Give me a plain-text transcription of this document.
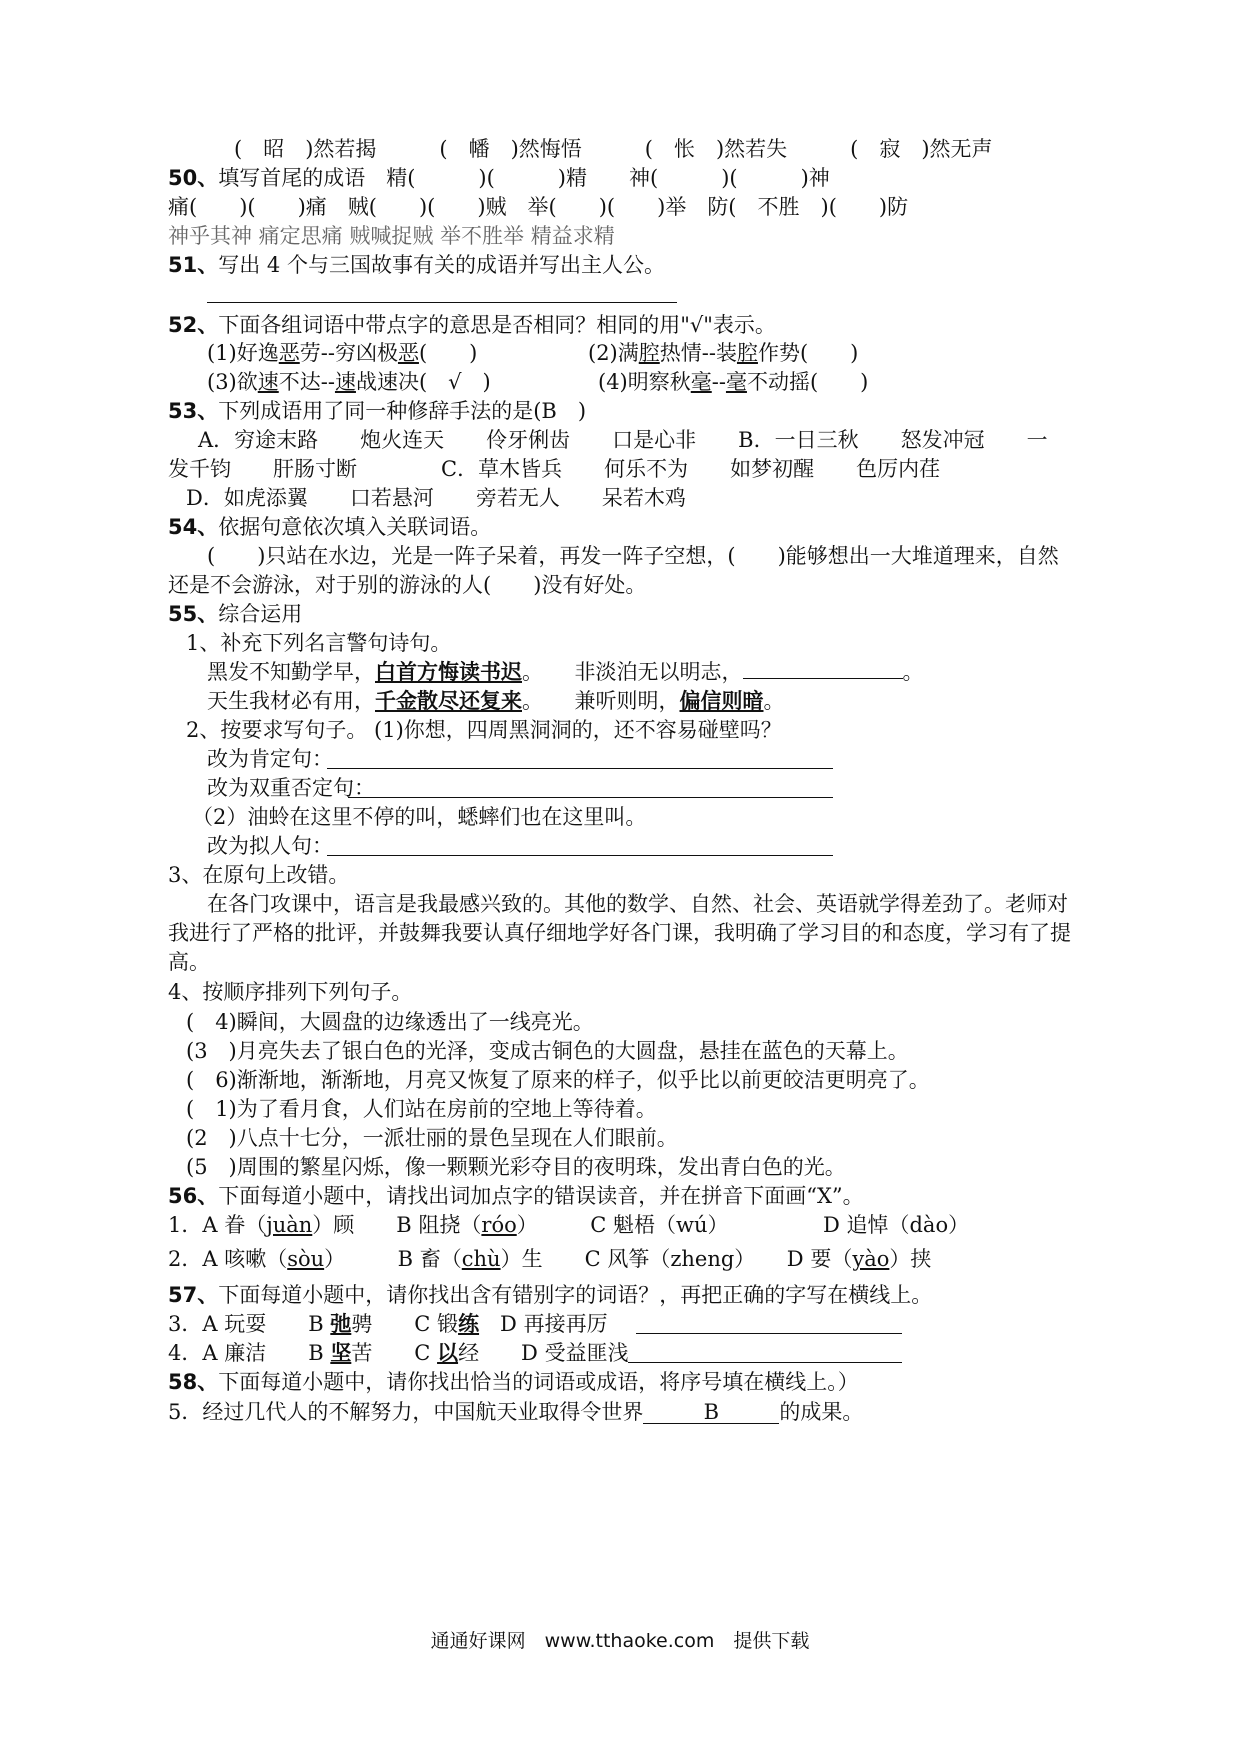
(　昭　)然若揭　　　(　幡　)然悔悟　　　(　怅　)然若失　　　(　寂　)然无声
50、填写首尾的成语　精(　　　)(　　　)精　　神(　　　)(　　　)神
痛(　　)(　　)痛　贼(　　)(　　)贼　举(　　)(　　)举　防(　不胜　)(　　)防
神乎其神 痛定思痛 贼喊捉贼 举不胜举 精益求精
51、写出 4 个与三国故事有关的成语并写出主人公。
52、下面各组词语中带点字的意思是否相同？相同的用"√"表示。
(1)好逸恶劳--穷凶极恶(　　)	(2)满腔热情--装腔作势(　　)
(3)欲速不达--速战速决(　√　)	(4)明察秋毫--毫不动摇(　　)
53、下列成语用了同一种修辞手法的是(B　)
A．穷途末路　　炮火连天　　伶牙俐齿　　口是心非　　B．一日三秋　　怒发冲冠　　一
发千钧　　肝肠寸断　　　　C．草木皆兵　　何乐不为　　如梦初醒　　色厉内荏
D．如虎添翼　　口若悬河　　旁若无人　　呆若木鸡
54、依据句意依次填入关联词语。
(　　)只站在水边，光是一阵子呆着，再发一阵子空想，(　　)能够想出一大堆道理来，自然
还是不会游泳，对于别的游泳的人(　　)没有好处。
55、综合运用
1、补充下列名言警句诗句。
黑发不知勤学早，白首方悔读书迟。　　非淡泊无以明志，	。
天生我材必有用，千金散尽还复来。　　兼听则明，偏信则暗。
2、按要求写句子。 (1)你想，四周黑洞洞的，还不容易碰壁吗？
改为肯定句：
改为双重否定句：
（2）油蛉在这里不停的叫，蟋蟀们也在这里叫。
改为拟人句：
3、在原句上改错。
在各门攻课中，语言是我最感兴致的。其他的数学、自然、社会、英语就学得差劲了。老师对
我进行了严格的批评，并鼓舞我要认真仔细地学好各门课，我明确了学习目的和态度，学习有了提
高。
4、按顺序排列下列句子。
(　4)瞬间，大圆盘的边缘透出了一线亮光。
(3　)月亮失去了银白色的光泽，变成古铜色的大圆盘，悬挂在蓝色的天幕上。
(　6)渐渐地，渐渐地，月亮又恢复了原来的样子，似乎比以前更皎洁更明亮了。
(　1)为了看月食，人们站在房前的空地上等待着。
(2　)八点十七分，一派壮丽的景色呈现在人们眼前。
(5　)周围的繁星闪烁，像一颗颗光彩夺目的夜明珠，发出青白色的光。
56、下面每道小题中，请找出词加点字的错误读音，并在拼音下面画“X”。
1．A 眷（juàn）顾　　B 阻挠（róo）　　　C 魁梧（wú）　　　　　D 追悼（dào）
2．A 咳嗽（sòu）　　　B 畜（chù）生　　C 风筝（zheng）　　D 要（yào）挟
57、下面每道小题中，请你找出含有错别字的词语？，再把正确的字写在横线上。
3．A 玩耍　　B 弛骋　　C 锻练　D 再接再厉
4．A 廉洁　　B 坚苦　　C 以经　　D 受益匪浅
58、下面每道小题中，请你找出恰当的词语或成语，将序号填在横线上。）
5．经过几代人的不解努力，中国航天业取得令世界	B	的成果。
通通好课网　www.tthaoke.com　提供下载
